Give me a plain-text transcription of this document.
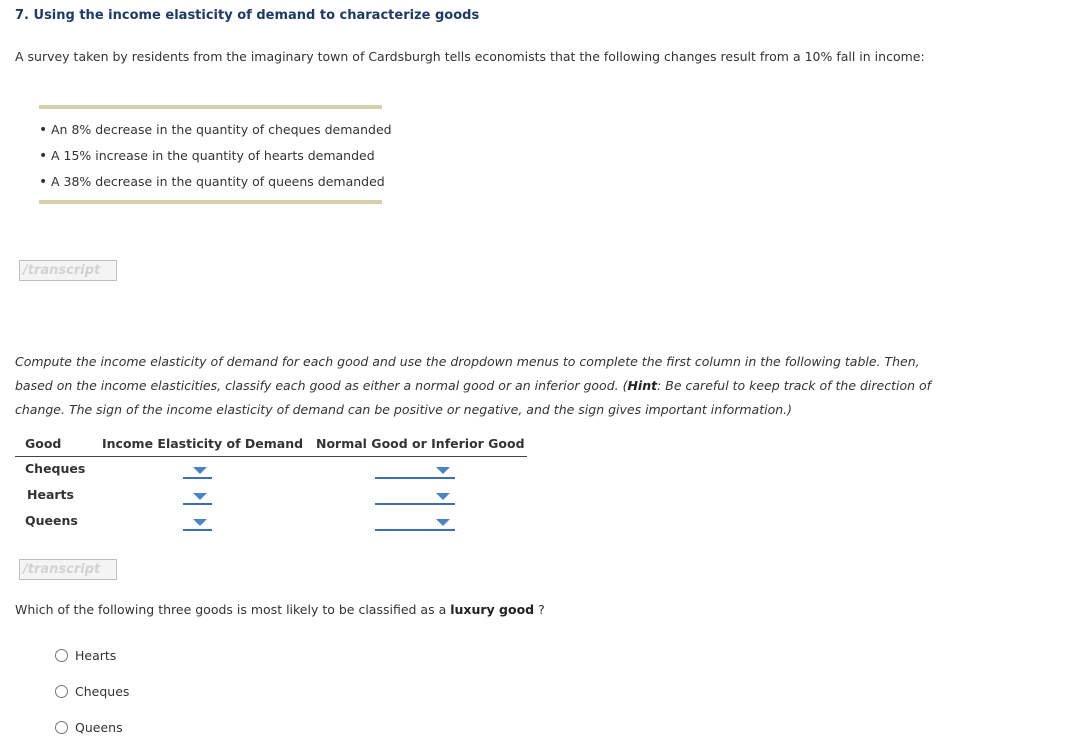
7. Using the income elasticity of demand to characterize goods
A survey taken by residents from the imaginary town of Cardsburgh tells economists that the following changes result from a 10% fall in income:
• An 8% decrease in the quantity of cheques demanded
• A 15% increase in the quantity of hearts demanded
• A 38% decrease in the quantity of queens demanded
/transcript
Compute the income elasticity of demand for each good and use the dropdown menus to complete the first column in the following table. Then, based on the income elasticities, classify each good as either a normal good or an inferior good. (Hint: Be careful to keep track of the direction of change. The sign of the income elasticity of demand can be positive or negative, and the sign gives important information.)
Good	Income Elasticity of Demand Normal Good or Inferior Good
Cheques
Hearts
Queens
/transcript
Which of the following three goods is most likely to be classified as a luxury good ?
Hearts
Cheques
Queens
